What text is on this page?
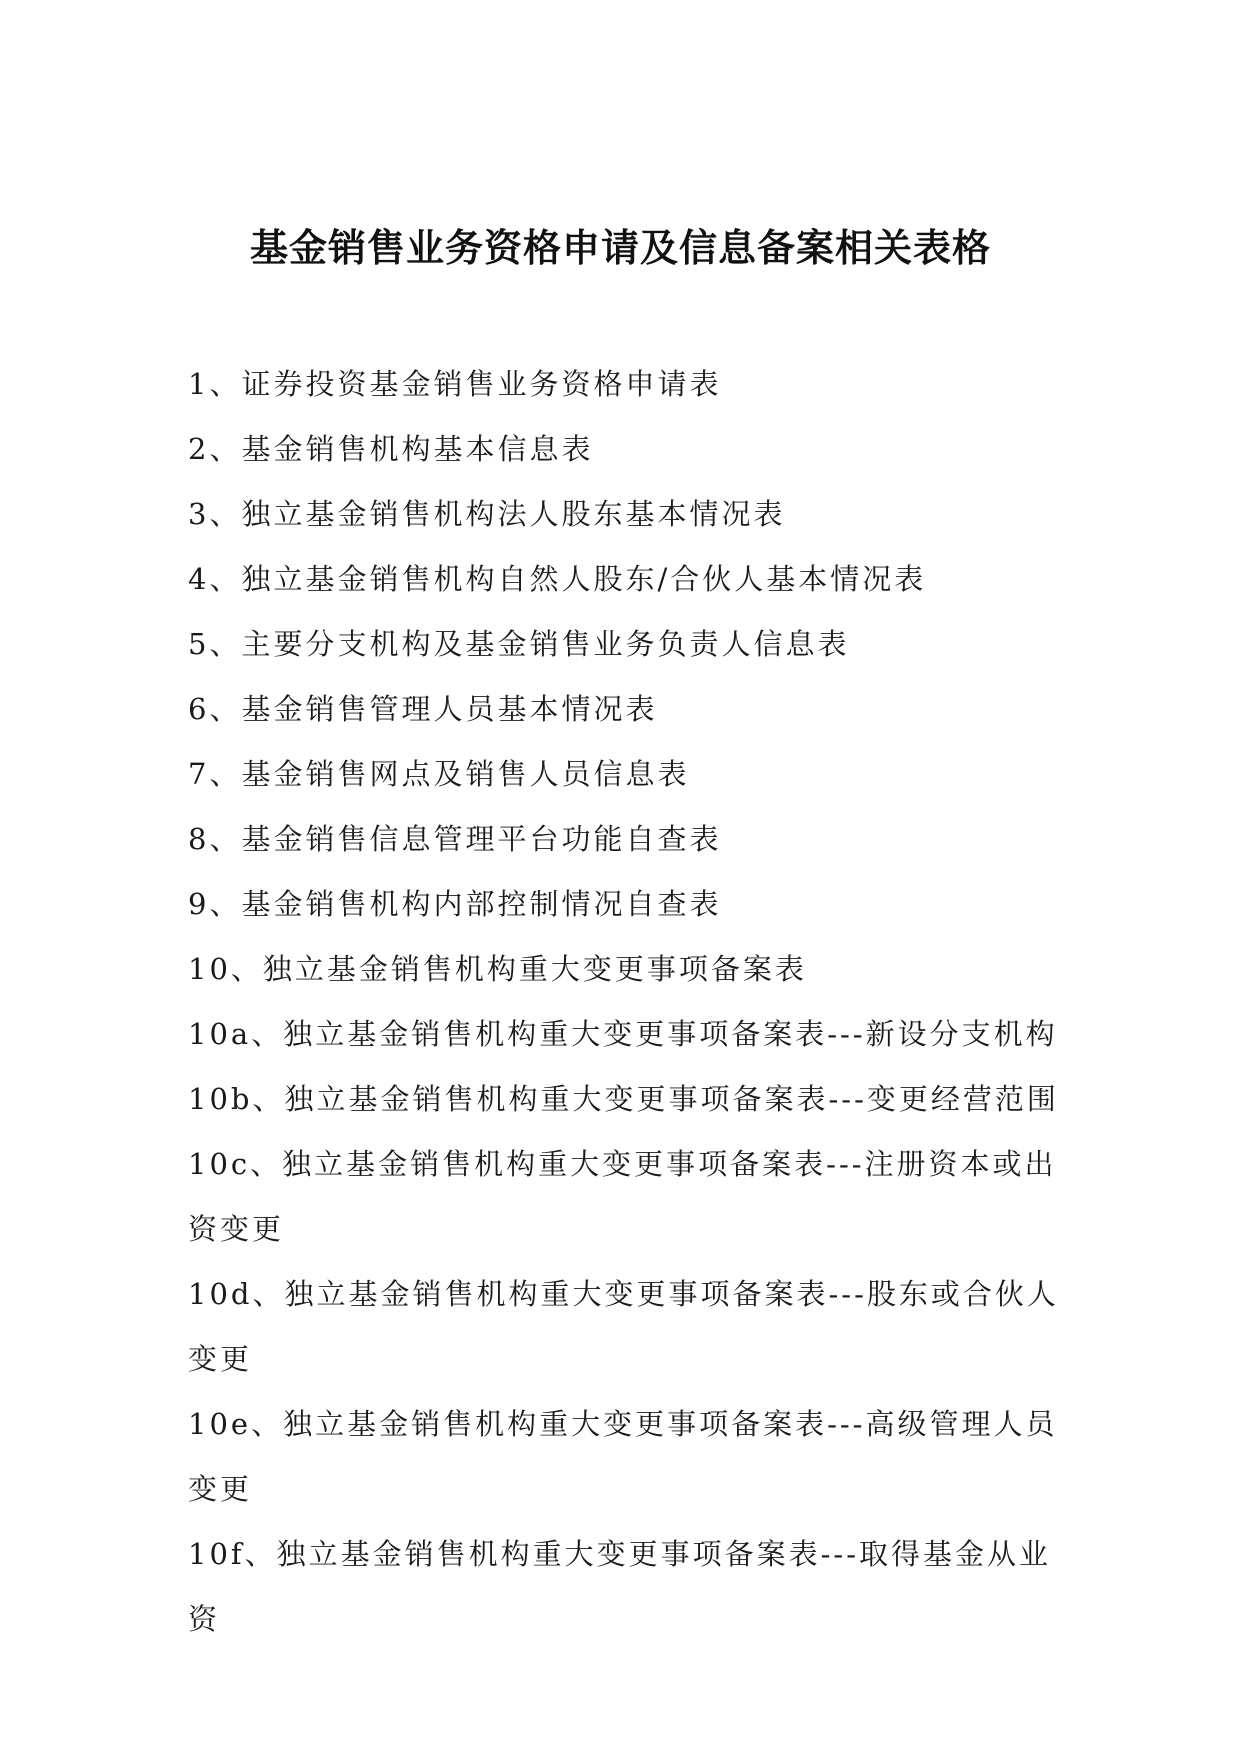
基金销售业务资格申请及信息备案相关表格
1、证券投资基金销售业务资格申请表
2、基金销售机构基本信息表
3、独立基金销售机构法人股东基本情况表
4、独立基金销售机构自然人股东/合伙人基本情况表
5、主要分支机构及基金销售业务负责人信息表
6、基金销售管理人员基本情况表
7、基金销售网点及销售人员信息表
8、基金销售信息管理平台功能自查表
9、基金销售机构内部控制情况自查表
10、独立基金销售机构重大变更事项备案表
10a、独立基金销售机构重大变更事项备案表---新设分支机构
10b、独立基金销售机构重大变更事项备案表---变更经营范围
10c、独立基金销售机构重大变更事项备案表---注册资本或出资变更
10d、独立基金销售机构重大变更事项备案表---股东或合伙人变更
10e、独立基金销售机构重大变更事项备案表---高级管理人员变更
10f、独立基金销售机构重大变更事项备案表---取得基金从业资
